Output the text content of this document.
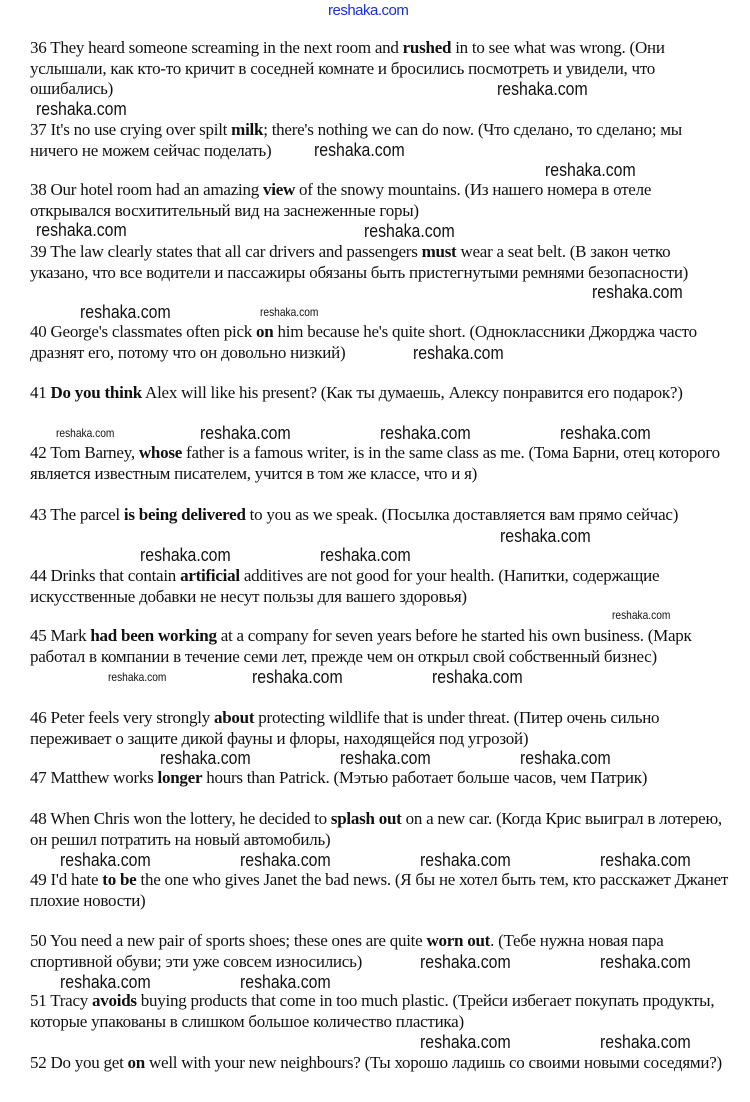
reshaka.com
36 They heard someone screaming in the next room and rushed in to see what was wrong. (Они услышали, как кто-то кричит в соседней комнате и бросились посмотреть и увидели, что ошибались)
37 It's no use crying over spilt milk; there's nothing we can do now. (Что сделано, то сделано; мы ничего не можем сейчас поделать)
38 Our hotel room had an amazing view of the snowy mountains. (Из нашего номера в отеле открывался восхитительный вид на заснеженные горы)
39 The law clearly states that all car drivers and passengers must wear a seat belt. (В закон четко указано, что все водители и пассажиры обязаны быть пристегнутыми ремнями безопасности)
40 George's classmates often pick on him because he's quite short. (Одноклассники Джорджа часто дразнят его, потому что он довольно низкий)
41 Do you think Alex will like his present? (Как ты думаешь, Алексу понравится его подарок?)
42 Tom Barney, whose father is a famous writer, is in the same class as me. (Тома Барни, отец которого является известным писателем, учится в том же классе, что и я)
43 The parcel is being delivered to you as we speak. (Посылка доставляется вам прямо сейчас)
44 Drinks that contain artificial additives are not good for your health. (Напитки, содержащие искусственные добавки не несут пользы для вашего здоровья)
45 Mark had been working at a company for seven years before he started his own business. (Марк работал в компании в течение семи лет, прежде чем он открыл свой собственный бизнес)
46 Peter feels very strongly about protecting wildlife that is under threat. (Питер очень сильно переживает о защите дикой фауны и флоры, находящейся под угрозой)
47 Matthew works longer hours than Patrick. (Мэтью работает больше часов, чем Патрик)
48 When Chris won the lottery, he decided to splash out on a new car. (Когда Крис выиграл в лотерею, он решил потратить на новый автомобиль)
49 I'd hate to be the one who gives Janet the bad news. (Я бы не хотел быть тем, кто расскажет Джанет плохие новости)
50 You need a new pair of sports shoes; these ones are quite worn out. (Тебе нужна новая пара спортивной обуви; эти уже совсем износились)
51 Tracy avoids buying products that come in too much plastic. (Трейси избегает покупать продукты, которые упакованы в слишком большое количество пластика)
52 Do you get on well with your new neighbours? (Ты хорошо ладишь со своими новыми соседями?)
reshaka.com
reshaka.com
reshaka.com
reshaka.com
reshaka.com	reshaka.com
reshaka.com
reshaka.com	reshaka.com
reshaka.com
reshaka.com	reshaka.com	reshaka.com	reshaka.com
reshaka.com
reshaka.com	reshaka.com
reshaka.com
reshaka.com	reshaka.com	reshaka.com
reshaka.com	reshaka.com	reshaka.com
reshaka.com	reshaka.com	reshaka.com	reshaka.com
reshaka.com	reshaka.com
reshaka.com	reshaka.com
reshaka.com	reshaka.com
